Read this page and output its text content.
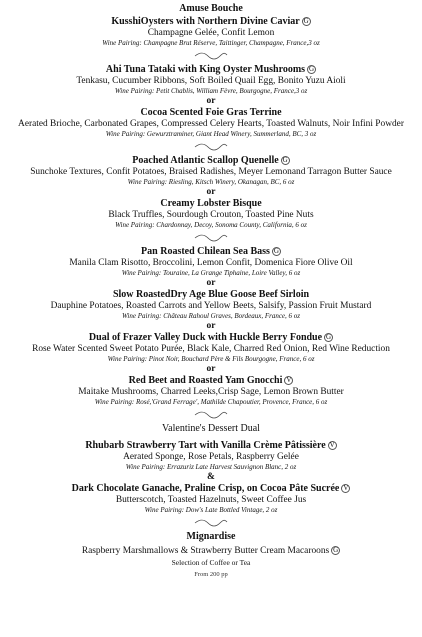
Amuse Bouche
KusshiOysters with Northern Divine Caviar G
Champagne Gelée, Confit Lemon
Wine Pairing: Champagne Brut Réserve, Taittinger, Champagne, France,3 oz
Ahi Tuna Tataki with King Oyster Mushrooms G
Tenkasu, Cucumber Ribbons, Soft Boiled Quail Egg, Bonito Yuzu Aioli
Wine Pairing: Petit Chablis, William Fèvre, Bourgogne, France,3 oz
or
Cocoa Scented Foie Gras Terrine
Aerated Brioche, Carbonated Grapes, Compressed Celery Hearts, Toasted Walnuts, Noir Infini Powder
Wine Pairing: Gewurztraminer, Giant Head Winery, Summerland, BC, 3 oz
Poached Atlantic Scallop Quenelle G
Sunchoke Textures, Confit Potatoes, Braised Radishes, Meyer Lemonand Tarragon Butter Sauce
Wine Pairing: Riesling, Kitsch Winery, Okanagan, BC, 6 oz
or
Creamy Lobster Bisque
Black Truffles, Sourdough Crouton, Toasted Pine Nuts
Wine Pairing: Chardonnay, Decoy, Sonoma County, California, 6 oz
Pan Roasted Chilean Sea Bass G
Manila Clam Risotto, Broccolini, Lemon Confit, Domenica Fiore Olive Oil
Wine Pairing: Touraine, La Grange Tiphaine, Loire Valley, 6 oz
or
Slow RoastedDry Age Blue Goose Beef Sirloin
Dauphine Potatoes, Roasted Carrots and Yellow Beets, Salsify, Passion Fruit Mustard
Wine Pairing: Château Rahoul Graves, Bordeaux, France, 6 oz
or
Dual of Frazer Valley Duck with Huckle Berry Fondue G
Rose Water Scented Sweet Potato Purée, Black Kale, Charred Red Onion, Red Wine Reduction
Wine Pairing: Pinot Noir, Bouchard Père & Fils Bourgogne, France, 6 oz
or
Red Beet and Roasted Yam Gnocchi V
Maitake Mushrooms, Charred Leeks,Crisp Sage, Lemon Brown Butter
Wine Pairing: Rosé,'Grand Ferrage', Mathilde Chapoutier, Provence, France, 6 oz
Valentine's Dessert Dual
Rhubarb Strawberry Tart with Vanilla Crème Pâtissière V
Aerated Sponge, Rose Petals, Raspberry Gelée
Wine Pairing: Errazuriz Late Harvest Sauvignon Blanc, 2 oz
&
Dark Chocolate Ganache, Praline Crisp, on Cocoa Pâte Sucrée V
Butterscotch, Toasted Hazelnuts, Sweet Coffee Jus
Wine Pairing: Dow's Late Bottled Vintage, 2 oz
Mignardise
Raspberry Marshmallows & Strawberry Butter Cream Macaroons G
Selection of Coffee or Tea
From 200 pp
